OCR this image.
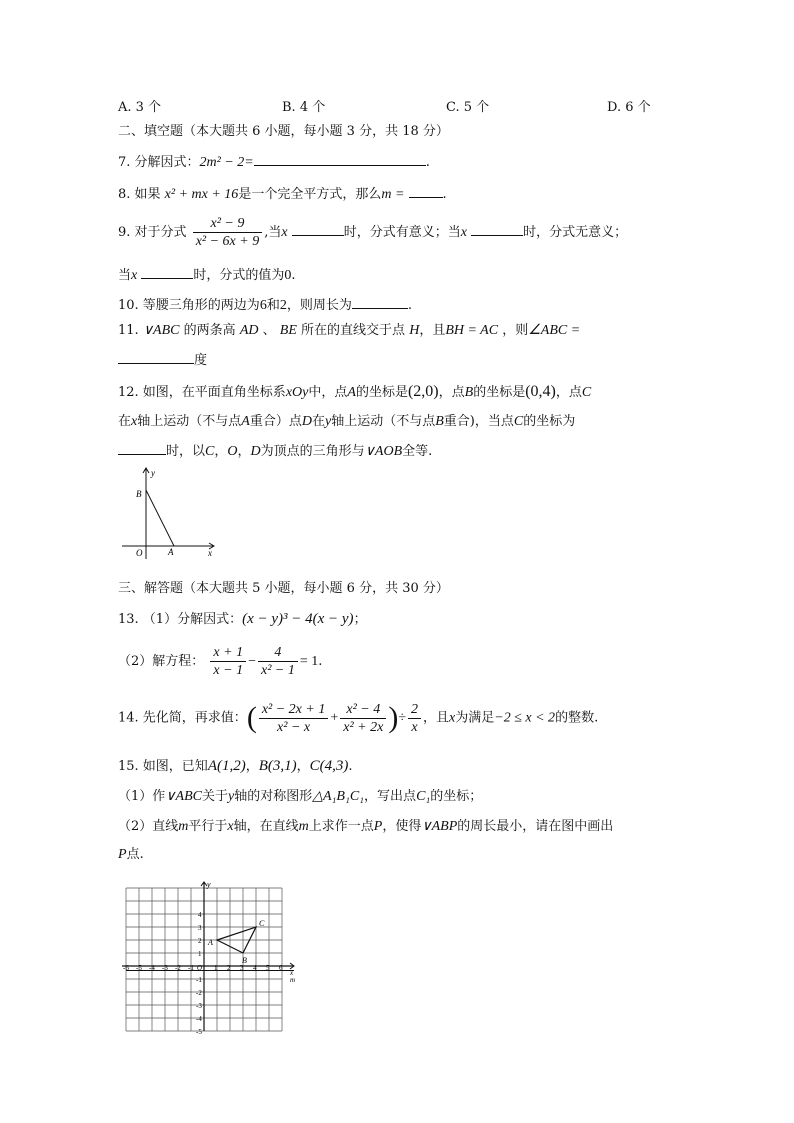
A. 3 个	B. 4 个	C. 5 个	D. 6 个
二、填空题（本大题共 6 小题，每小题 3 分，共 18 分）
7. 分解因式：2m² − 2=	.
8. 如果 x² + mx + 16是一个完全平方式，那么m =	.
9. 对于分式 $\frac{\text{x² − 9}}{\text{x² − 6x + 9}}$ ,当x	时，分式有意义；当x	时，分式无意义；
当x	时，分式的值为0.
10. 等腰三角形的两边为6和2，则周长为	.
11. ∨ABC 的两条高 AD 、 BE 所在的直线交于点 H，且BH = AC ，则∠ABC =
度
12. 如图，在平面直角坐标系xOy中，点A的坐标是(2,0)，点B的坐标是(0,4)，点C
在x轴上运动（不与点A重合）点D在y轴上运动（不与点B重合)，当点C的坐标为
时，以C，O，D为顶点的三角形与∨AOB全等.
y
B
O	A	x
三、解答题（本大题共 5 小题，每小题 6 分，共 30 分）
13. （1）分解因式：(x − y)³ − 4(x − y)；
（2）解方程： $\frac{x + 1}{x - 1} - \frac{4}{\text{x² − 1}} = 1$.
14. 先化简，再求值：( $\frac{\text{x² − 2x + 1}}{\text{x² − x}} + \frac{\text{x² − 4}}{\text{x² + 2x}}$ )÷ $\frac{2}{x}$ ，且x为满足−2 ≤ x < 2的整数.
15. 如图，已知A(1,2)，B(3,1)，C(4,3).
（1）作∨ABC关于y轴的对称图形△A₁B₁C₁，写出点C₁的坐标；
（2）直线m平行于x轴，在直线m上求作一点P，使得∨ABP的周长最小，请在图中画出
P点.
-6 -5 -4 -3 -2 -1 O 1 2 3 4 5 6
1
2
3
4
-1
-2
-3
-4
-5
y
x
m
A
B
C
